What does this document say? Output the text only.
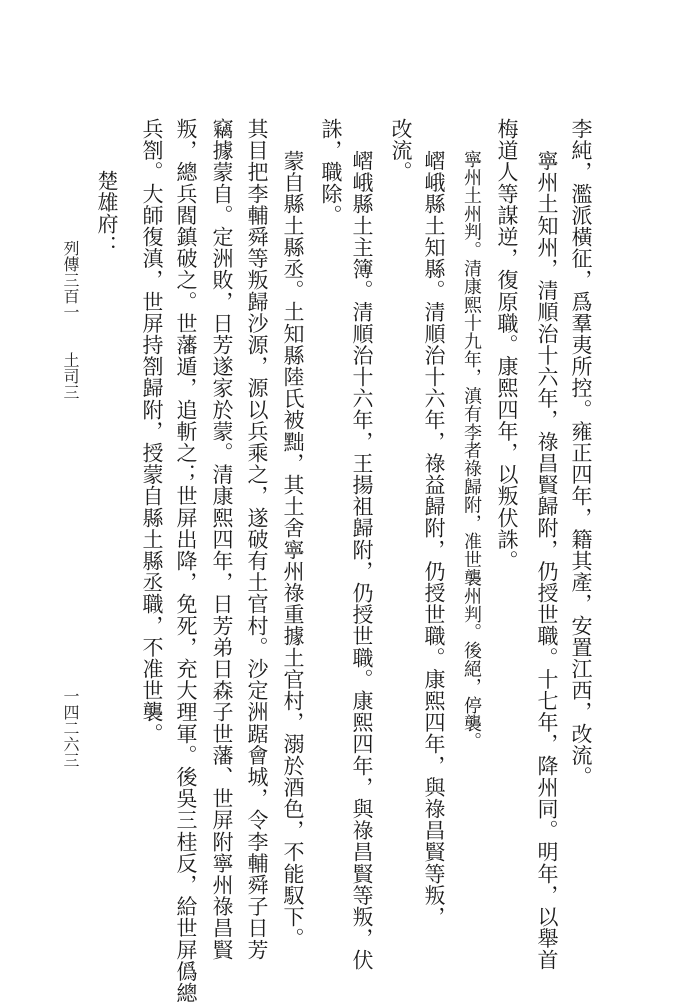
李純，濫派橫征，爲羣夷所控。雍正四年，籍其產，安置江西，改流。
寧州土知州，清順治十六年，祿昌賢歸附，仍授世職。十七年，降州同。明年，以舉首
梅道人等謀逆，復原職。康熙四年，以叛伏誅。
寧州土州判。清康熙十九年，滇有李者祿歸附，准世襲州判。後絕，停襲。
嶍峨縣土知縣。清順治十六年，祿益歸附，仍授世職。康熙四年，與祿昌賢等叛，
改流。
嶍峨縣土主簿。清順治十六年，王揚祖歸附，仍授世職。康熙四年，與祿昌賢等叛，伏
誅，職除。
蒙自縣土縣丞。土知縣陸氏被黜，其土舍寧州祿重據土官村，溺於酒色，不能馭下。
其目把李輔舜等叛歸沙源，源以兵乘之，遂破有土官村。沙定洲踞會城，令李輔舜子日芳
竊據蒙自。定洲敗，日芳遂家於蒙。清康熙四年，日芳弟日森子世藩、世屏附寧州祿昌賢
叛，總兵閻鎮破之。世藩遁，追斬之；世屏出降，免死，充大理軍。後吳三桂反，給世屏僞總
兵劄。大師復滇，世屏持劄歸附，授蒙自縣土縣丞職，不准世襲。
楚雄府：
列傳三百一　　土司三
一四二六三
